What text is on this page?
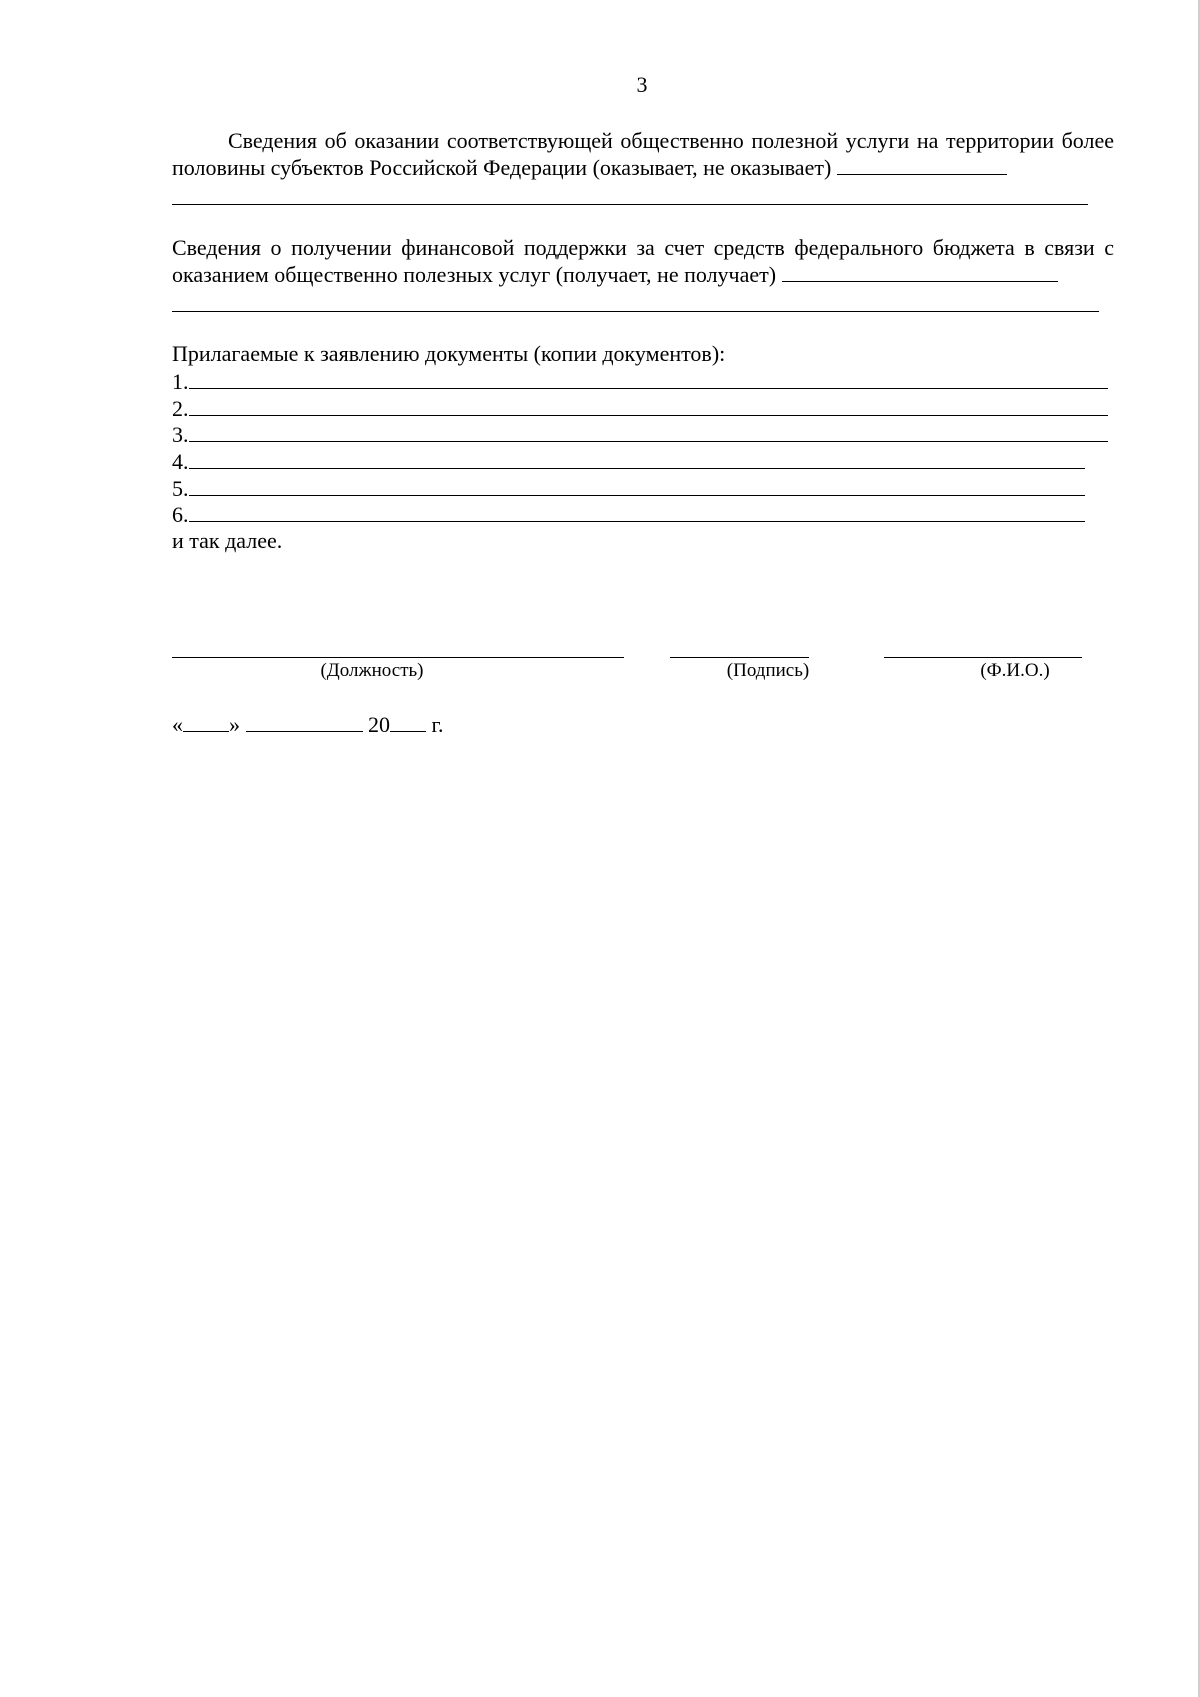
3
Сведения об оказании соответствующей общественно полезной услуги на территории более половины субъектов Российской Федерации (оказывает, не оказывает)
Сведения о получении финансовой поддержки за счет средств федерального бюджета в связи с оказанием общественно полезных услуг (получает, не получает)
Прилагаемые к заявлению документы (копии документов):
1.
2.
3.
4.
5.
6.
и так далее.
(Должность)	(Подпись)	(Ф.И.О.)
« »	20 г.
